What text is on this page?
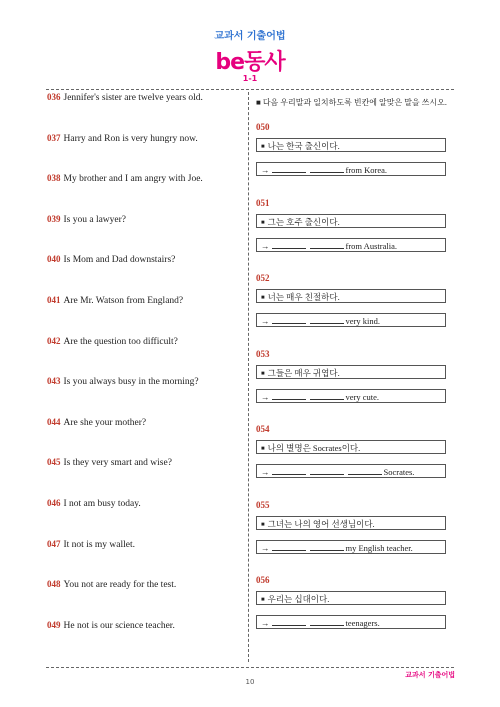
교과서 기출어법
be동사
1-1
036 Jennifer's sister are twelve years old.
037 Harry and Ron is very hungry now.
038 My brother and I am angry with Joe.
039 Is you a lawyer?
040 Is Mom and Dad downstairs?
041 Are Mr. Watson from England?
042 Are the question too difficult?
043 Is you always busy in the morning?
044 Are she your mother?
045 Is they very smart and wise?
046 I not am busy today.
047 It not is my wallet.
048 You not are ready for the test.
049 He not is our science teacher.
■ 다음 우리말과 일치하도록 빈칸에 알맞은 말을 쓰시오.
050
■ 나는 한국 출신이다.
→	from Korea.
051
■ 그는 호주 출신이다.
→	from Australia.
052
■ 너는 매우 친절하다.
→	very kind.
053
■ 그들은 매우 귀엽다.
→	very cute.
054
■ 나의 별명은 Socrates이다.
→	Socrates.
055
■ 그녀는 나의 영어 선생님이다.
→	my English teacher.
056
■ 우리는 십대이다.
→	teenagers.
10
교과서 기출어법
